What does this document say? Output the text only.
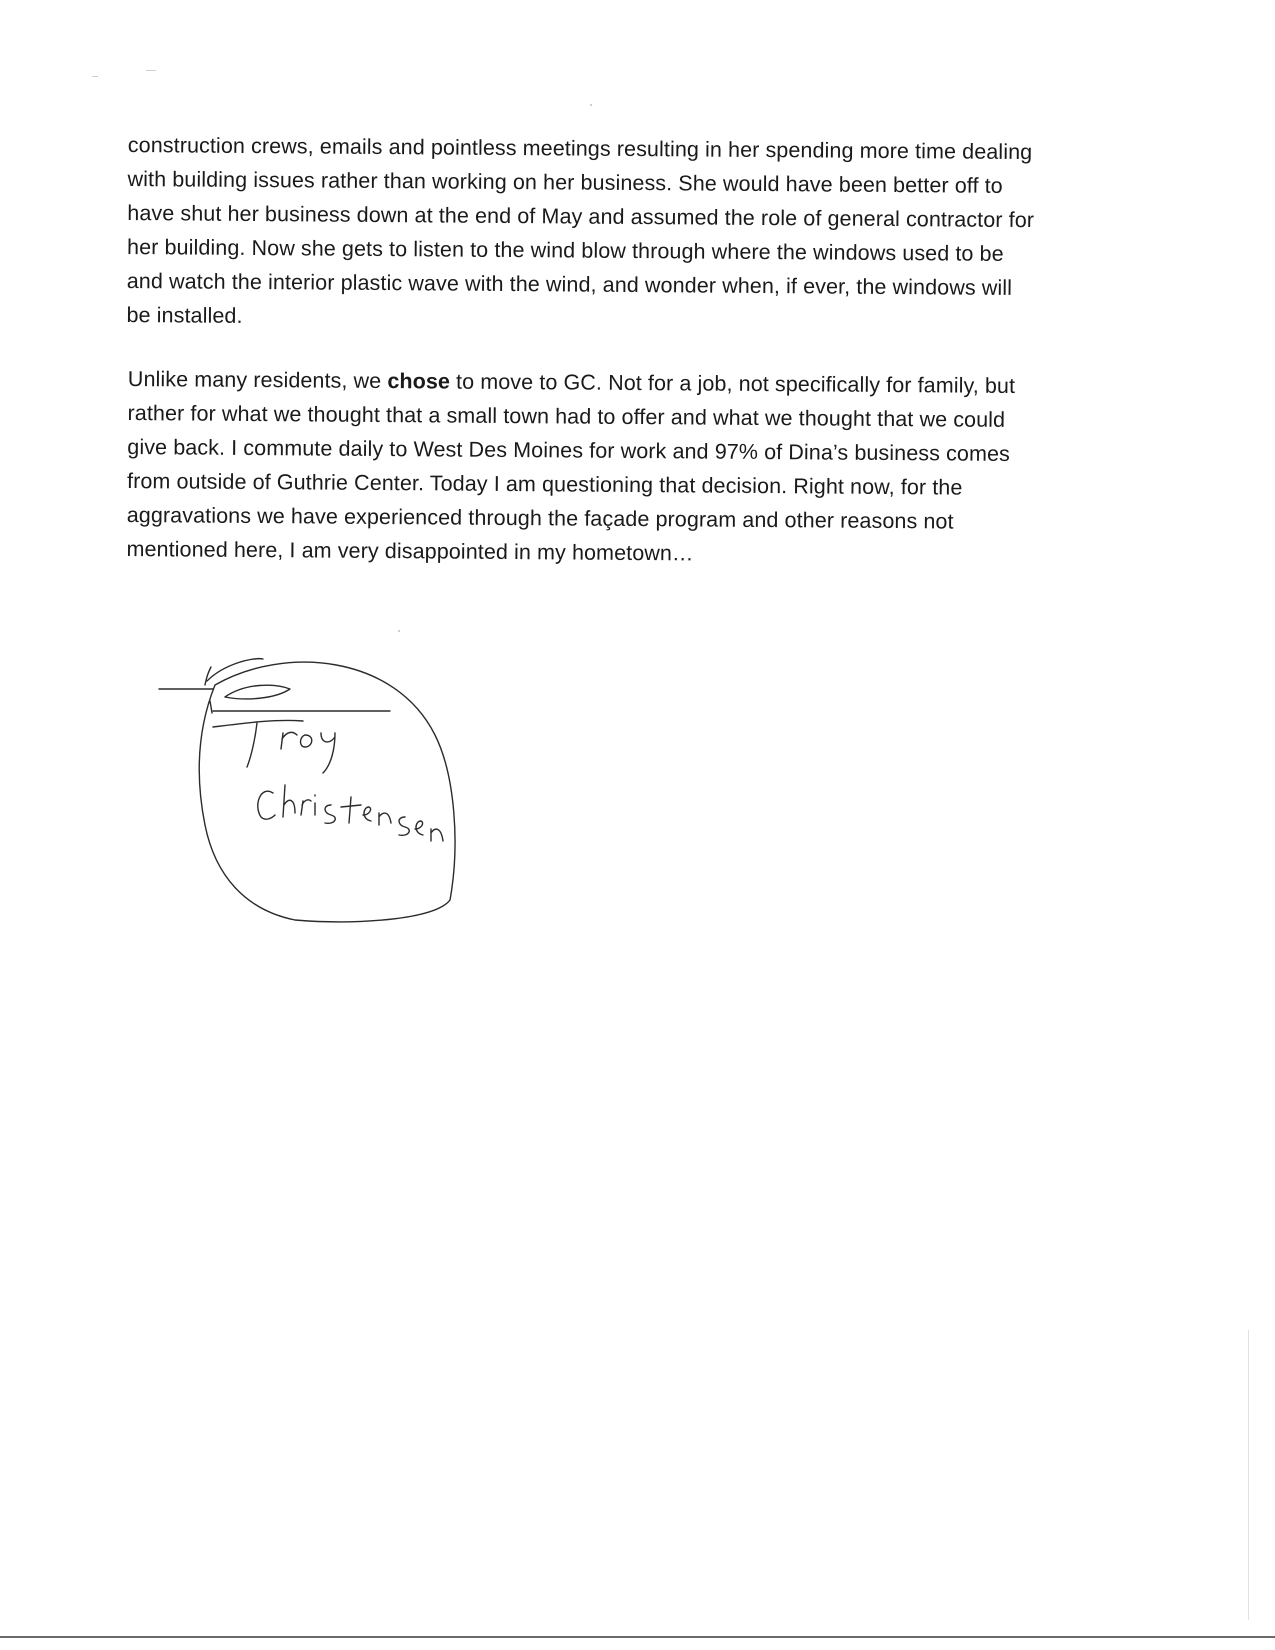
construction crews, emails and pointless meetings resulting in her spending more time dealing
with building issues rather than working on her business. She would have been better off to
have shut her business down at the end of May and assumed the role of general contractor for
her building. Now she gets to listen to the wind blow through where the windows used to be
and watch the interior plastic wave with the wind, and wonder when, if ever, the windows will
be installed.
Unlike many residents, we chose to move to GC. Not for a job, not specifically for family, but
rather for what we thought that a small town had to offer and what we thought that we could
give back. I commute daily to West Des Moines for work and 97% of Dina’s business comes
from outside of Guthrie Center. Today I am questioning that decision. Right now, for the
aggravations we have experienced through the façade program and other reasons not
mentioned here, I am very disappointed in my hometown…
